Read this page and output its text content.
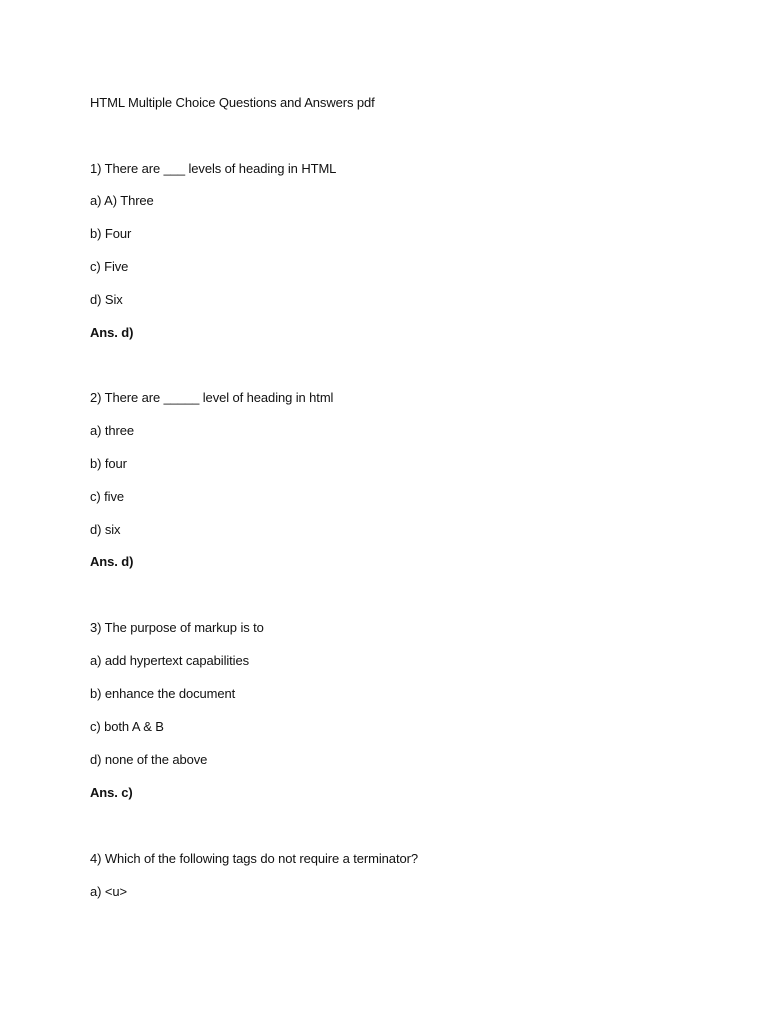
HTML Multiple Choice Questions and Answers pdf

1) There are ___ levels of heading in HTML

a) A) Three

b) Four

c) Five

d) Six

Ans. d)

2) There are _____ level of heading in html

a) three

b) four

c) five

d) six

Ans. d)

3) The purpose of markup is to

a) add hypertext capabilities

b) enhance the document

c) both A & B

d) none of the above

Ans. c)

4) Which of the following tags do not require a terminator?

a) <u>
